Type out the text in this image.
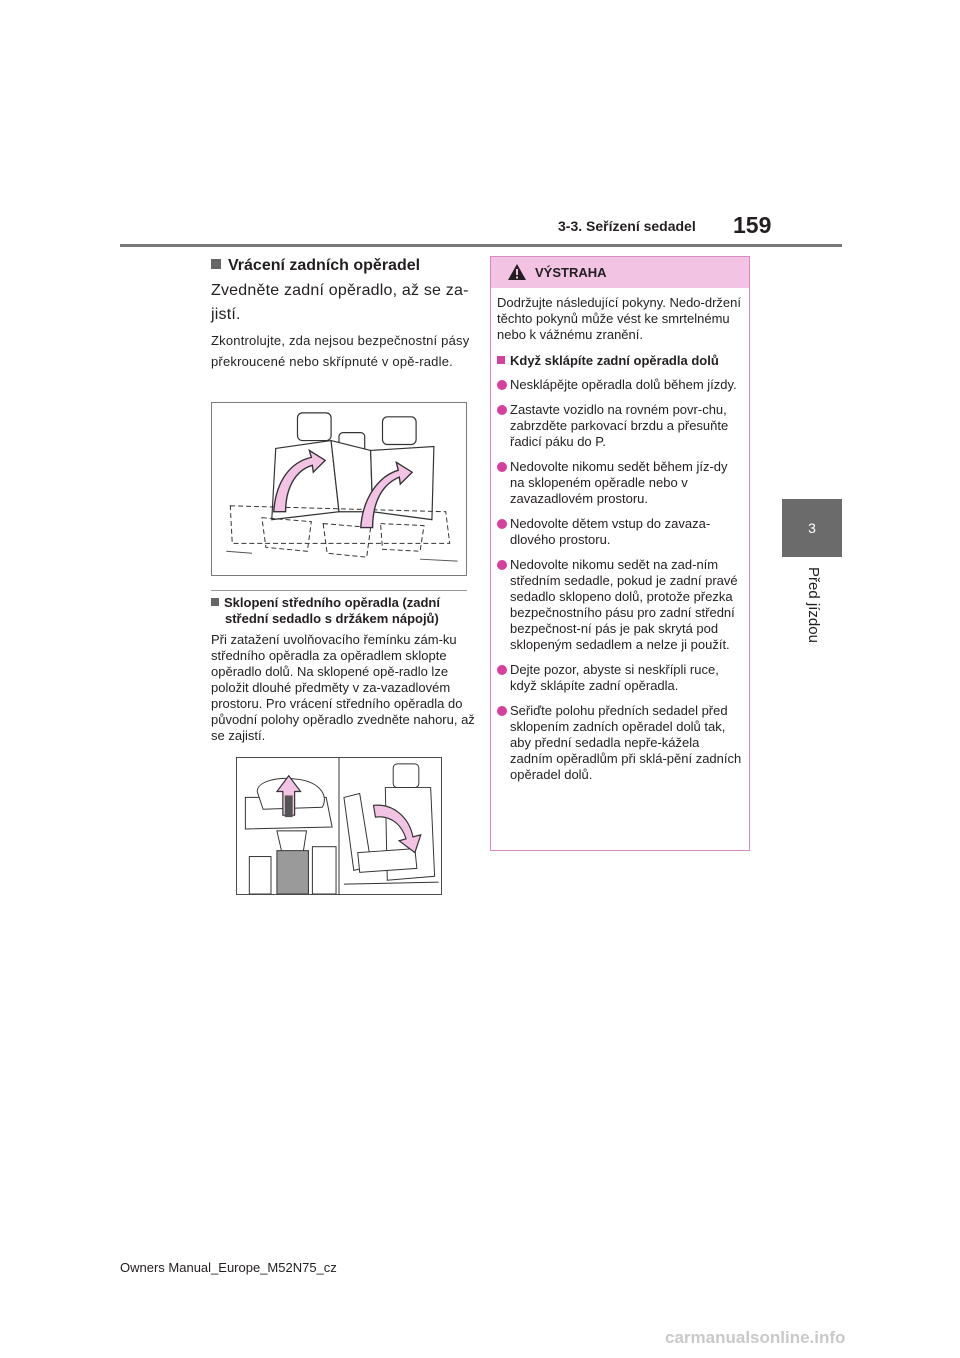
3-3. Seřízení sedadel 159
3
Před jízdou
Vrácení zadních opěradel
Zvedněte zadní opěradlo, až se za-jistí.
Zkontrolujte, zda nejsou bezpečnostní pásy překroucené nebo skřípnuté v opě-radle.
Sklopení středního opěradla (zadní střední sedadlo s držákem nápojů)
Při zatažení uvolňovacího řemínku zám-ku středního opěradla za opěradlem sklopte opěradlo dolů. Na sklopené opě-radlo lze položit dlouhé předměty v za-vazadlovém prostoru. Pro vrácení středního opěradla do původní polohy opěradlo zvedněte nahoru, až se zajistí.
VÝSTRAHA

Dodržujte následující pokyny. Nedo-držení těchto pokynů může vést ke smrtelnému nebo k vážnému zranění.

Když sklápíte zadní opěradla dolů
Nesklápějte opěradla dolů během jízdy.
Zastavte vozidlo na rovném povr-chu, zabrzděte parkovací brzdu a přesuňte řadicí páku do P.
Nedovolte nikomu sedět během jíz-dy na sklopeném opěradle nebo v zavazadlovém prostoru.
Nedovolte dětem vstup do zavaza-dlového prostoru.
Nedovolte nikomu sedět na zad-ním středním sedadle, pokud je zadní pravé sedadlo sklopeno dolů, protože přezka bezpečnostního pásu pro zadní střední bezpečnost-ní pás je pak skrytá pod sklopeným sedadlem a nelze ji použít.
Dejte pozor, abyste si neskřípli ruce, když sklápíte zadní opěradla.
Seřiďte polohu předních sedadel před sklopením zadních opěradel dolů tak, aby přední sedadla nepře-kážela zadním opěradlům při sklá-pění zadních opěradel dolů.
Owners Manual_Europe_M52N75_cz
carmanualsonline.info
